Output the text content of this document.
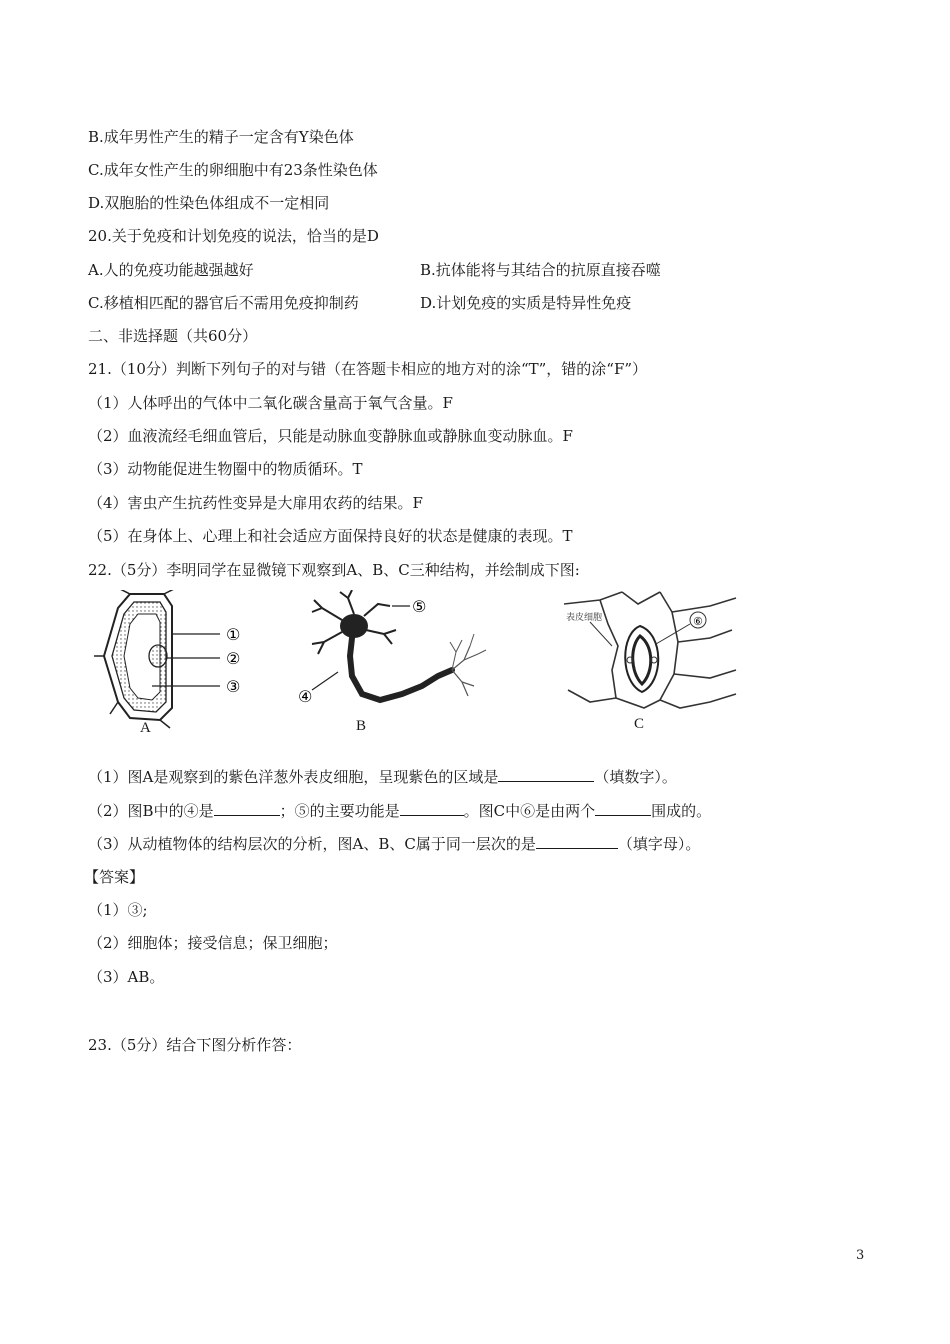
B.成年男性产生的精子一定含有Y染色体
C.成年女性产生的卵细胞中有23条性染色体
D.双胞胎的性染色体组成不一定相同
20.关于免疫和计划免疫的说法，恰当的是D
A.人的免疫功能越强越好	B.抗体能将与其结合的抗原直接吞噬
C.移植相匹配的器官后不需用免疫抑制药	D.计划免疫的实质是特异性免疫
二、非选择题（共60分）
21.（10分）判断下列句子的对与错（在答题卡相应的地方对的涂“T”，错的涂“F”）
（1）人体呼出的气体中二氧化碳含量高于氧气含量。F
（2）血液流经毛细血管后，只能是动脉血变静脉血或静脉血变动脉血。F
（3）动物能促进生物圈中的物质循环。T
（4）害虫产生抗药性变异是大扉用农药的结果。F
（5）在身体上、心理上和社会适应方面保持良好的状态是健康的表现。T
22.（5分）李明同学在显微镜下观察到A、B、C三种结构，并绘制成下图:
①
②
③
A
⑤
④
B
表皮细胞	⑥
C
（1）图A是观察到的紫色洋葱外表皮细胞，呈现紫色的区域是	（填数字）。
（2）图B中的④是	；⑤的主要功能是	。图C中⑥是由两个	围成的。
（3）从动植物体的结构层次的分析，图A、B、C属于同一层次的是	（填字母）。
【答案】
（1）③;
（2）细胞体；接受信息；保卫细胞；
（3）AB。
23.（5分）结合下图分析作答：
3
